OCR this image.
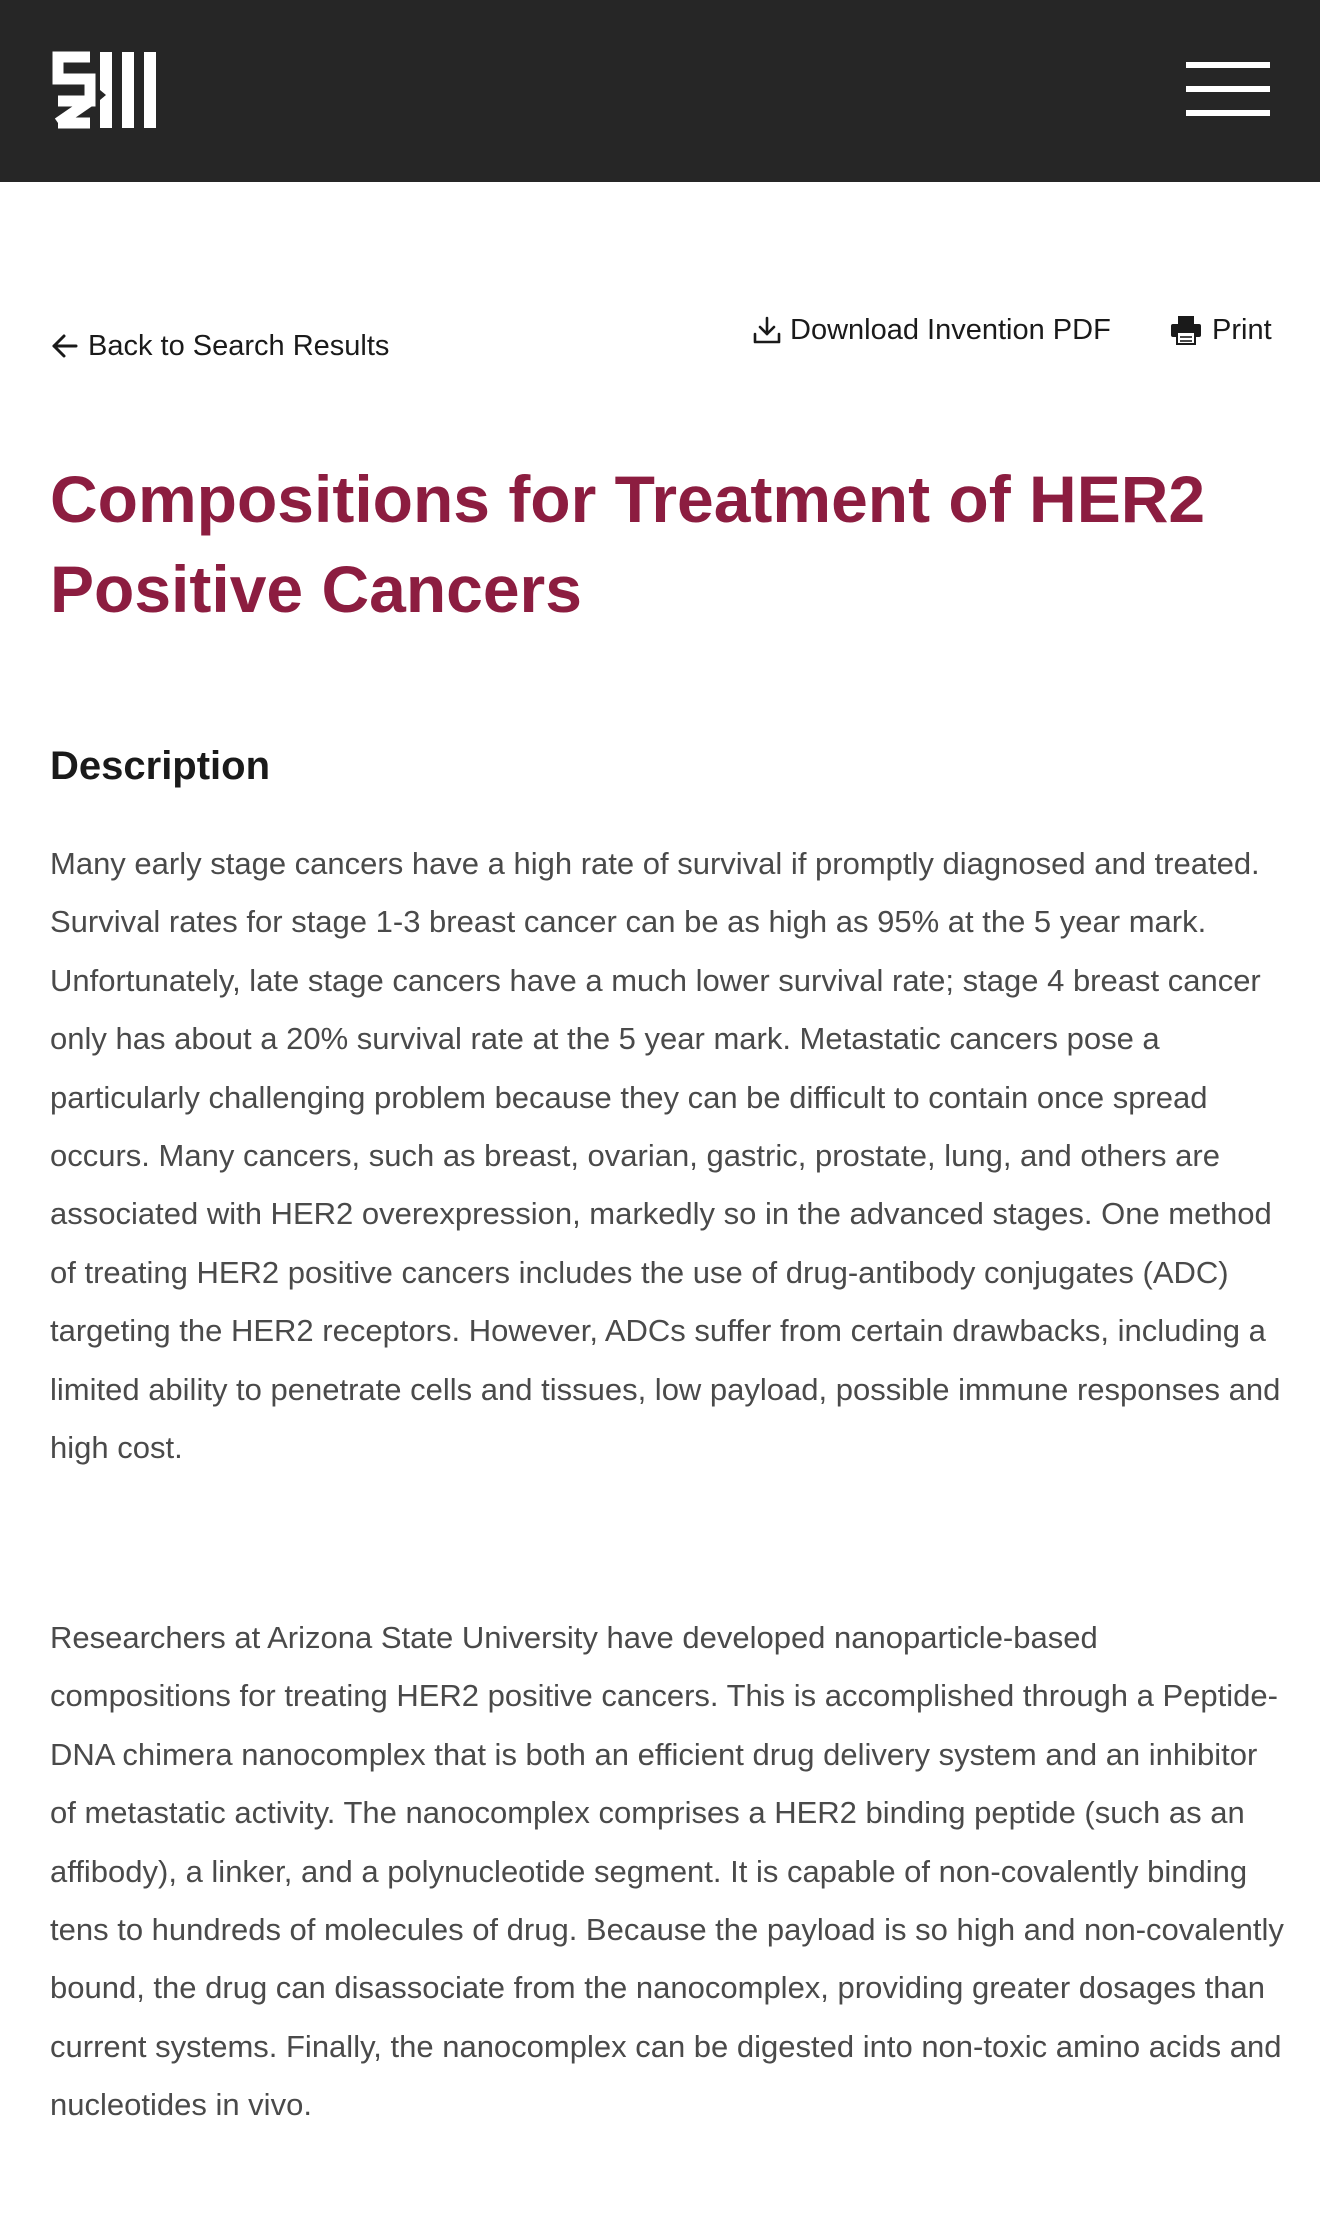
Back to Search Results	Download Invention PDF	Print
Compositions for Treatment of HER2 Positive Cancers
Description

Many early stage cancers have a high rate of survival if promptly diagnosed and treated. Survival rates for stage 1-3 breast cancer can be as high as 95% at the 5 year mark. Unfortunately, late stage cancers have a much lower survival rate; stage 4 breast cancer only has about a 20% survival rate at the 5 year mark. Metastatic cancers pose a particularly challenging problem because they can be difficult to contain once spread occurs. Many cancers, such as breast, ovarian, gastric, prostate, lung, and others are associated with HER2 overexpression, markedly so in the advanced stages. One method of treating HER2 positive cancers includes the use of drug-antibody conjugates (ADC) targeting the HER2 receptors. However, ADCs suffer from certain drawbacks, including a limited ability to penetrate cells and tissues, low payload, possible immune responses and high cost.

Researchers at Arizona State University have developed nanoparticle-based compositions for treating HER2 positive cancers. This is accomplished through a Peptide-DNA chimera nanocomplex that is both an efficient drug delivery system and an inhibitor of metastatic activity. The nanocomplex comprises a HER2 binding peptide (such as an affibody), a linker, and a polynucleotide segment. It is capable of non-covalently binding tens to hundreds of molecules of drug. Because the payload is so high and non-covalently bound, the drug can disassociate from the nanocomplex, providing greater dosages than current systems. Finally, the nanocomplex can be digested into non-toxic amino acids and nucleotides in vivo.
